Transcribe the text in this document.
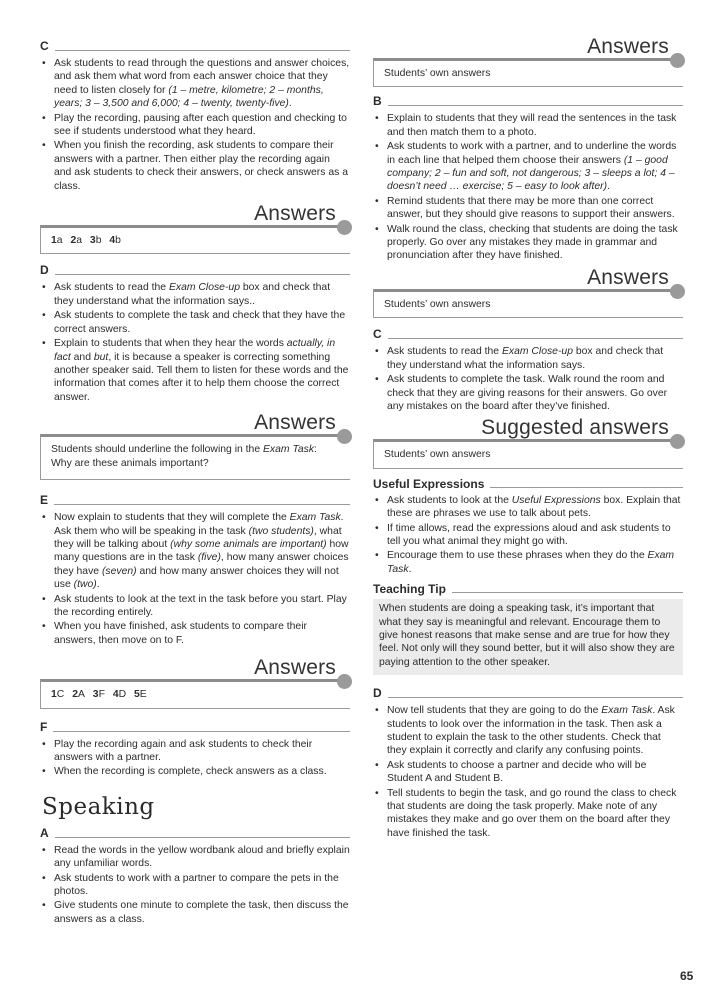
C
• Ask students to read through the questions and answer choices, and ask them what word from each answer choice that they need to listen closely for (1 – metre, kilometre; 2 – months, years; 3 – 3,500 and 6,000; 4 – twenty, twenty-five).
• Play the recording, pausing after each question and checking to see if students understood what they heard.
• When you finish the recording, ask students to compare their answers with a partner. Then either play the recording again and ask students to check their answers, or check answers as a class.
Answers
1a 2a 3b 4b
D
• Ask students to read the Exam Close-up box and check that they understand what the information says..
• Ask students to complete the task and check that they have the correct answers.
• Explain to students that when they hear the words actually, in fact and but, it is because a speaker is correcting something another speaker said. Tell them to listen for these words and the information that comes after it to help them choose the correct answer.
Answers
Students should underline the following in the Exam Task: Why are these animals important?
E
• Now explain to students that they will complete the Exam Task. Ask them who will be speaking in the task (two students), what they will be talking about (why some animals are important) how many questions are in the task (five), how many answer choices they have (seven) and how many answer choices they will not use (two).
• Ask students to look at the text in the task before you start. Play the recording entirely.
• When you have finished, ask students to compare their answers, then move on to F.
Answers
1C 2A 3F 4D 5E
F
• Play the recording again and ask students to check their answers with a partner.
• When the recording is complete, check answers as a class.
Speaking
A
• Read the words in the yellow wordbank aloud and briefly explain any unfamiliar words.
• Ask students to work with a partner to compare the pets in the photos.
• Give students one minute to complete the task, then discuss the answers as a class.
Answers
Students’ own answers
B
• Explain to students that they will read the sentences in the task and then match them to a photo.
• Ask students to work with a partner, and to underline the words in each line that helped them choose their answers (1 – good company; 2 – fun and soft, not dangerous; 3 – sleeps a lot; 4 – doesn’t need … exercise; 5 – easy to look after).
• Remind students that there may be more than one correct answer, but they should give reasons to support their answers.
• Walk round the class, checking that students are doing the task properly. Go over any mistakes they made in grammar and pronunciation after they have finished.
Answers
Students’ own answers
C
• Ask students to read the Exam Close-up box and check that they understand what the information says.
• Ask students to complete the task. Walk round the room and check that they are giving reasons for their answers. Go over any mistakes on the board after they’ve finished.
Suggested answers
Students’ own answers
Useful Expressions
• Ask students to look at the Useful Expressions box. Explain that these are phrases we use to talk about pets.
• If time allows, read the expressions aloud and ask students to tell you what animal they might go with.
• Encourage them to use these phrases when they do the Exam Task.
Teaching Tip
When students are doing a speaking task, it’s important that what they say is meaningful and relevant. Encourage them to give honest reasons that make sense and are true for how they feel. Not only will they sound better, but it will also show they are paying attention to the other speaker.
D
• Now tell students that they are going to do the Exam Task. Ask students to look over the information in the task. Then ask a student to explain the task to the other students. Check that they explain it correctly and clarify any confusing points.
• Ask students to choose a partner and decide who will be Student A and Student B.
• Tell students to begin the task, and go round the class to check that students are doing the task properly. Make note of any mistakes they make and go over them on the board after they have finished the task.
65
